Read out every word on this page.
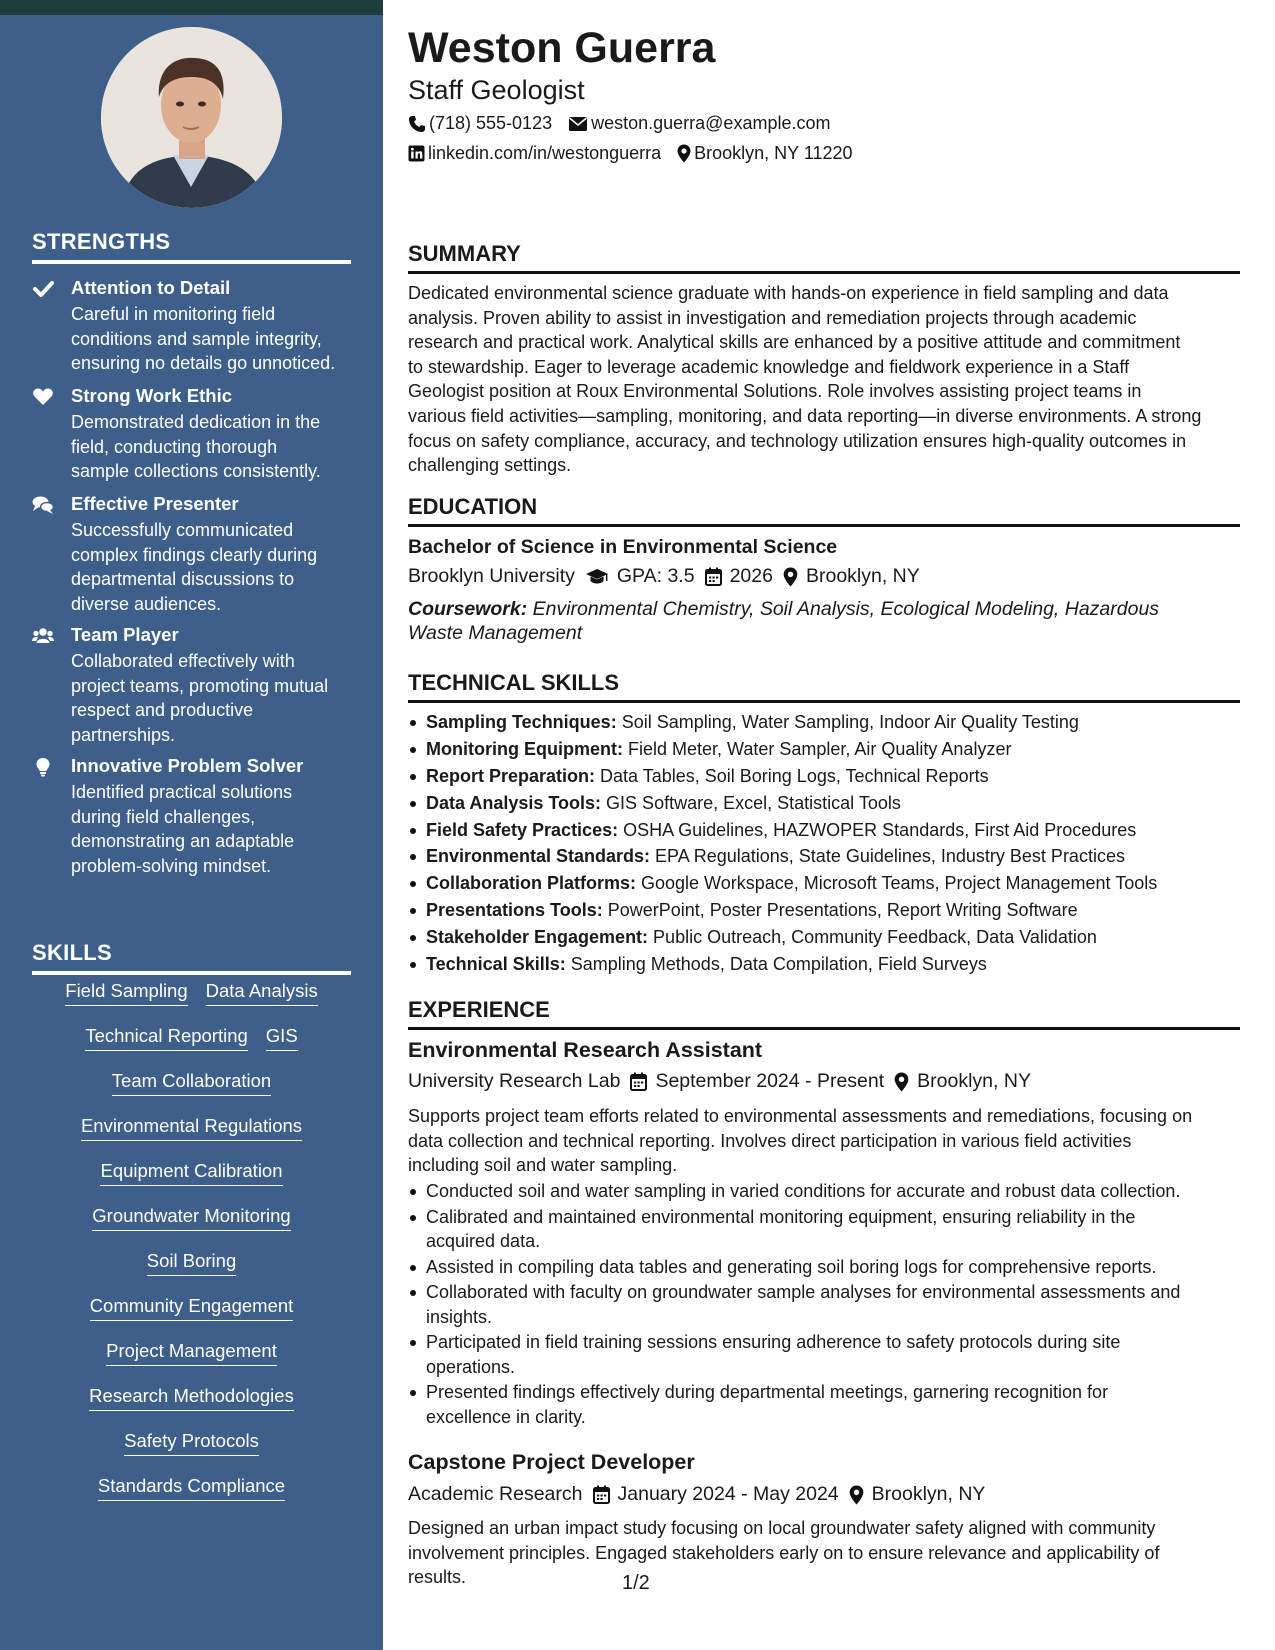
STRENGTHS
Attention to Detail
Careful in monitoring field
conditions and sample integrity,
ensuring no details go unnoticed.
Strong Work Ethic
Demonstrated dedication in the
field, conducting thorough
sample collections consistently.
Effective Presenter
Successfully communicated
complex findings clearly during
departmental discussions to
diverse audiences.
Team Player
Collaborated effectively with
project teams, promoting mutual
respect and productive
partnerships.
Innovative Problem Solver
Identified practical solutions
during field challenges,
demonstrating an adaptable
problem-solving mindset.
SKILLS
Field Sampling Data Analysis
Technical Reporting GIS
Team Collaboration
Environmental Regulations
Equipment Calibration
Groundwater Monitoring
Soil Boring
Community Engagement
Project Management
Research Methodologies
Safety Protocols
Standards Compliance
Weston Guerra
Staff Geologist
(718) 555-0123 weston.guerra@example.com
linkedin.com/in/westonguerra Brooklyn, NY 11220
SUMMARY
Dedicated environmental science graduate with hands-on experience in field sampling and data
analysis. Proven ability to assist in investigation and remediation projects through academic
research and practical work. Analytical skills are enhanced by a positive attitude and commitment
to stewardship. Eager to leverage academic knowledge and fieldwork experience in a Staff
Geologist position at Roux Environmental Solutions. Role involves assisting project teams in
various field activities—sampling, monitoring, and data reporting—in diverse environments. A strong
focus on safety compliance, accuracy, and technology utilization ensures high-quality outcomes in
challenging settings.
EDUCATION
Bachelor of Science in Environmental Science
Brooklyn University GPA: 3.5 2026 Brooklyn, NY
Coursework: Environmental Chemistry, Soil Analysis, Ecological Modeling, Hazardous
Waste Management
TECHNICAL SKILLS
Sampling Techniques: Soil Sampling, Water Sampling, Indoor Air Quality Testing
Monitoring Equipment: Field Meter, Water Sampler, Air Quality Analyzer
Report Preparation: Data Tables, Soil Boring Logs, Technical Reports
Data Analysis Tools: GIS Software, Excel, Statistical Tools
Field Safety Practices: OSHA Guidelines, HAZWOPER Standards, First Aid Procedures
Environmental Standards: EPA Regulations, State Guidelines, Industry Best Practices
Collaboration Platforms: Google Workspace, Microsoft Teams, Project Management Tools
Presentations Tools: PowerPoint, Poster Presentations, Report Writing Software
Stakeholder Engagement: Public Outreach, Community Feedback, Data Validation
Technical Skills: Sampling Methods, Data Compilation, Field Surveys
EXPERIENCE
Environmental Research Assistant
University Research Lab September 2024 - Present Brooklyn, NY
Supports project team efforts related to environmental assessments and remediations, focusing on
data collection and technical reporting. Involves direct participation in various field activities
including soil and water sampling.
Conducted soil and water sampling in varied conditions for accurate and robust data collection.
Calibrated and maintained environmental monitoring equipment, ensuring reliability in the
acquired data.
Assisted in compiling data tables and generating soil boring logs for comprehensive reports.
Collaborated with faculty on groundwater sample analyses for environmental assessments and
insights.
Participated in field training sessions ensuring adherence to safety protocols during site
operations.
Presented findings effectively during departmental meetings, garnering recognition for
excellence in clarity.
Capstone Project Developer
Academic Research January 2024 - May 2024 Brooklyn, NY
Designed an urban impact study focusing on local groundwater safety aligned with community
involvement principles. Engaged stakeholders early on to ensure relevance and applicability of
results.	1/2
